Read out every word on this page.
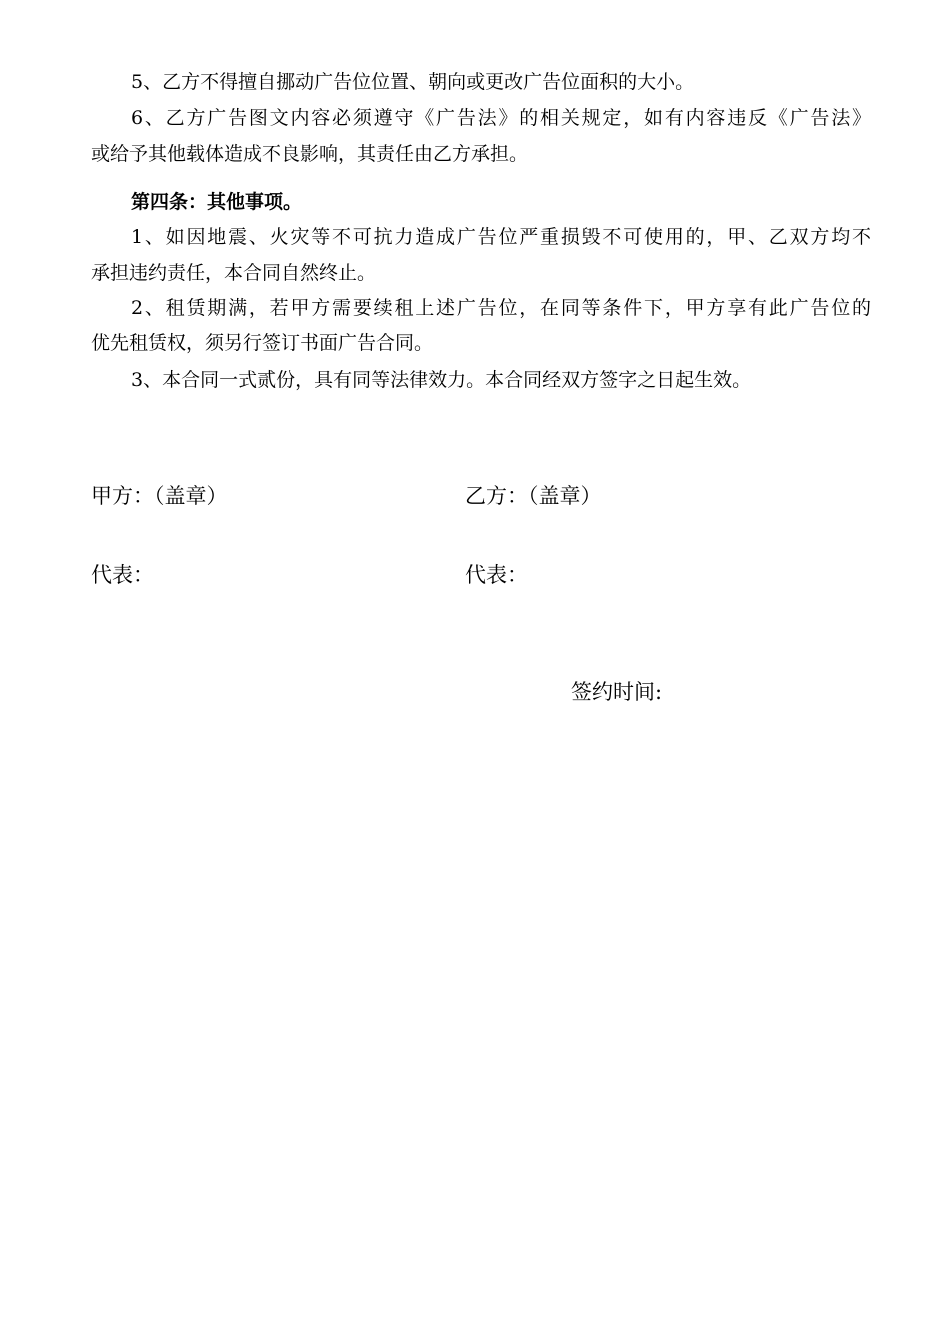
5、乙方不得擅自挪动广告位位置、朝向或更改广告位面积的大小。
6、乙方广告图文内容必须遵守《广告法》的相关规定，如有内容违反《广告法》
或给予其他载体造成不良影响，其责任由乙方承担。
第四条：其他事项。
1、如因地震、火灾等不可抗力造成广告位严重损毁不可使用的，甲、乙双方均不
承担违约责任，本合同自然终止。
2、租赁期满，若甲方需要续租上述广告位，在同等条件下，甲方享有此广告位的
优先租赁权，须另行签订书面广告合同。
3、本合同一式贰份，具有同等法律效力。本合同经双方签字之日起生效。
甲方：（盖章）	乙方：（盖章）
代表：	代表：
签约时间:
